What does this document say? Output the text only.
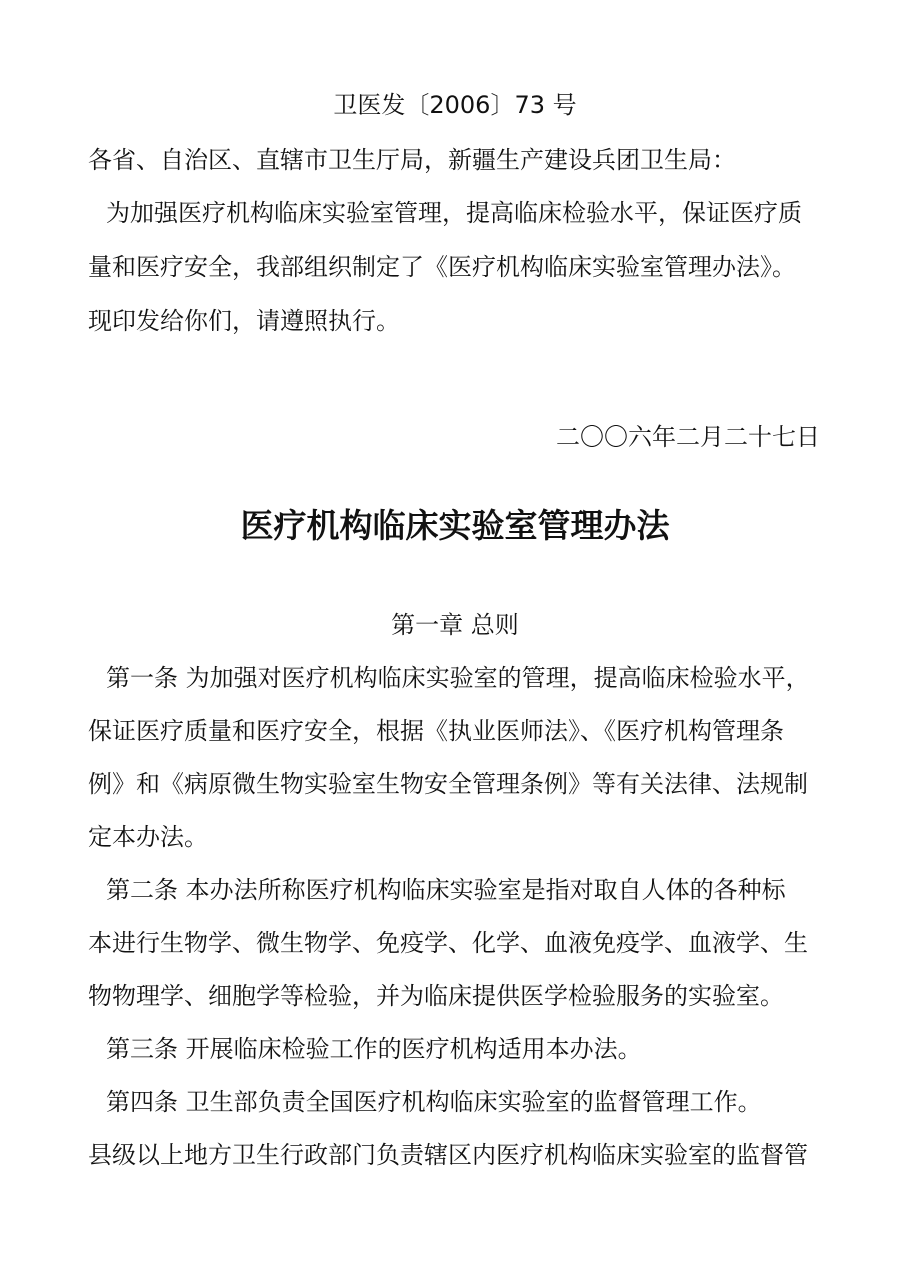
卫医发〔2006〕73 号
各省、自治区、直辖市卫生厅局，新疆生产建设兵团卫生局：
为加强医疗机构临床实验室管理，提高临床检验水平，保证医疗质
量和医疗安全，我部组织制定了《医疗机构临床实验室管理办法》。
现印发给你们，请遵照执行。
二〇〇六年二月二十七日
医疗机构临床实验室管理办法
第一章 总则
第一条 为加强对医疗机构临床实验室的管理，提高临床检验水平，
保证医疗质量和医疗安全，根据《执业医师法》、《医疗机构管理条
例》和《病原微生物实验室生物安全管理条例》等有关法律、法规制
定本办法。
第二条 本办法所称医疗机构临床实验室是指对取自人体的各种标
本进行生物学、微生物学、免疫学、化学、血液免疫学、血液学、生
物物理学、细胞学等检验，并为临床提供医学检验服务的实验室。
第三条 开展临床检验工作的医疗机构适用本办法。
第四条 卫生部负责全国医疗机构临床实验室的监督管理工作。
县级以上地方卫生行政部门负责辖区内医疗机构临床实验室的监督管
